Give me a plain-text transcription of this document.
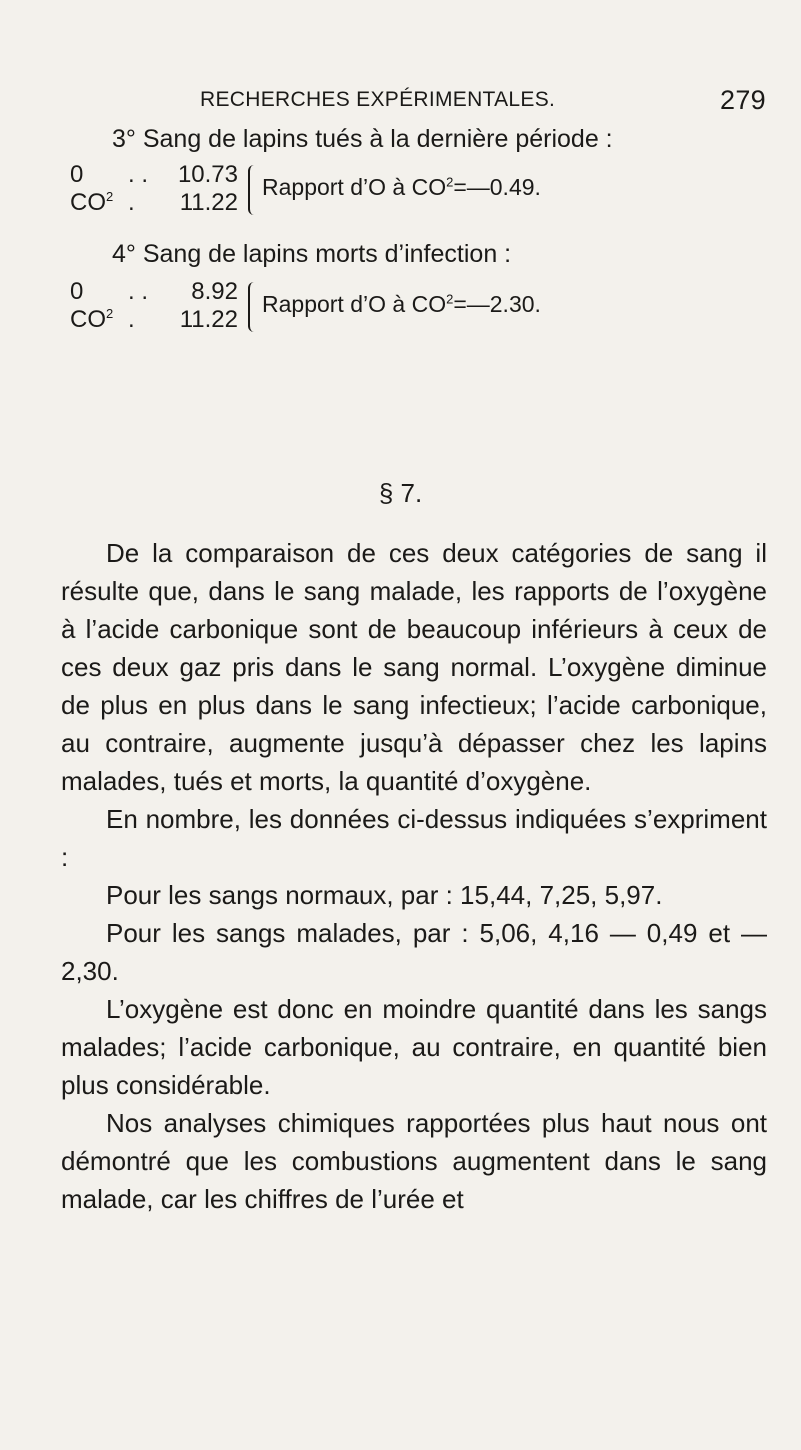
RECHERCHES EXPÉRIMENTALES.	279
3° Sang de lapins tués à la dernière période :
0 . . 10.73
$CO^2$ . 11.22
Rapport d’O à $CO^2=—0.49$.
4° Sang de lapins morts d’infection :
0 . . 8.92
$CO^2$ . 11.22
Rapport d’O à $CO^2=—2.30$.
§ 7.

De la comparaison de ces deux catégories de sang il résulte que, dans le sang malade, les rapports de l’oxygène à l’acide carbonique sont de beaucoup inférieurs à ceux de ces deux gaz pris dans le sang normal. L’oxygène diminue de plus en plus dans le sang infectieux; l’acide carbonique, au contraire, augmente jusqu’à dépasser chez les lapins malades, tués et morts, la quantité d’oxygène.

En nombre, les données ci-dessus indiquées s’expriment :

Pour les sangs normaux, par : 15,44, 7,25, 5,97.

Pour les sangs malades, par : 5,06, 4,16 — 0,49 et — 2,30.

L’oxygène est donc en moindre quantité dans les sangs malades; l’acide carbonique, au contraire, en quantité bien plus considérable.

Nos analyses chimiques rapportées plus haut nous ont démontré que les combustions augmentent dans le sang malade, car les chiffres de l’urée et
